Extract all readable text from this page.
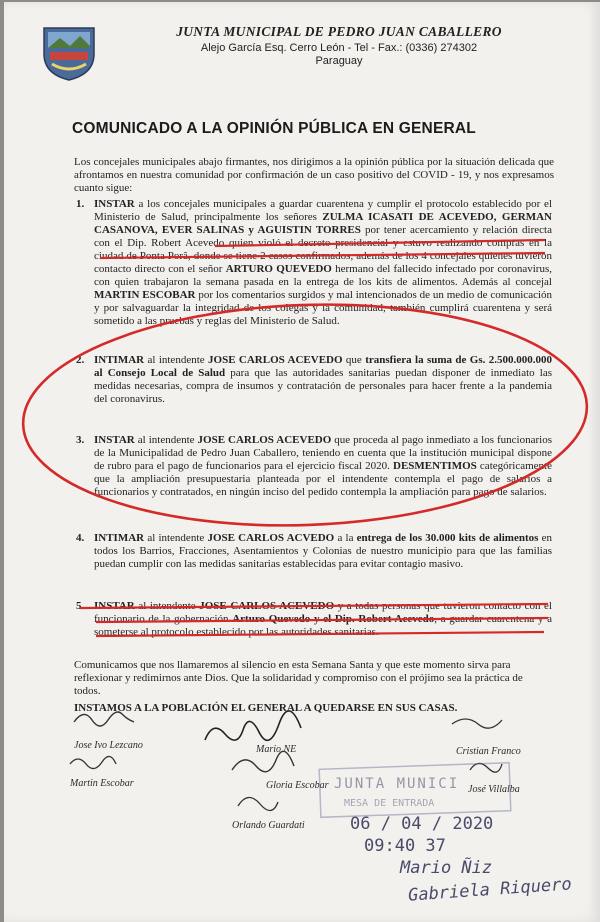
JUNTA MUNICIPAL DE PEDRO JUAN CABALLERO
Alejo García Esq. Cerro León - Tel - Fax.: (0336) 274302
Paraguay
COMUNICADO A LA OPINIÓN PÚBLICA EN GENERAL
Los concejales municipales abajo firmantes, nos dirigimos a la opinión pública por la situación delicada que afrontamos en nuestra comunidad por confirmación de un caso positivo del COVID - 19, y nos expresamos cuanto sigue:
1. INSTAR a los concejales municipales a guardar cuarentena y cumplir el protocolo establecido por el Ministerio de Salud, principalmente los señores ZULMA ICASATI DE ACEVEDO, GERMAN CASANOVA, EVER SALINAS y AGUISTIN TORRES por tener acercamiento y relación directa con el Dip. Robert Acevedo quien violó el decreto presidencial y estuvo realizando compras en la ciudad de Ponta Porã, donde se tiene 2 casos confirmados, además de los 4 concejales quienes tuvieron contacto directo con el señor ARTURO QUEVEDO hermano del fallecido infectado por coronavirus, con quien trabajaron la semana pasada en la entrega de los kits de alimentos. Además al concejal MARTIN ESCOBAR por los comentarios surgidos y mal intencionados de un medio de comunicación y por salvaguardar la integridad de los colegas y la comunidad, también cumplirá cuarentena y será sometido a las pruebas y reglas del Ministerio de Salud.
2. INTIMAR al intendente JOSE CARLOS ACEVEDO que transfiera la suma de Gs. 2.500.000.000 al Consejo Local de Salud para que las autoridades sanitarias puedan disponer de inmediato las medidas necesarias, compra de insumos y contratación de personales para hacer frente a la pandemia del coronavirus.
3. INSTAR al intendente JOSE CARLOS ACEVEDO que proceda al pago inmediato a los funcionarios de la Municipalidad de Pedro Juan Caballero, teniendo en cuenta que la institución municipal dispone de rubro para el pago de funcionarios para el ejercicio fiscal 2020. DESMENTIMOS categóricamente que la ampliación presupuestaria planteada por el intendente contempla el pago de salarios a funcionarios y contratados, en ningún inciso del pedido contempla la ampliación para pago de salarios.
4. INTIMAR al intendente JOSE CARLOS ACVEDO a la entrega de los 30.000 kits de alimentos en todos los Barrios, Fracciones, Asentamientos y Colonias de nuestro municipio para que las familias puedan cumplir con las medidas sanitarias establecidas para evitar contagio masivo.
5. INSTAR al intendente JOSE CARLOS ACEVEDO y a todas personas que tuvieron contacto con el funcionario de la gobernación Arturo Quevedo y el Dip. Robert Acevedo, a guardar cuarentena y a someterse al protocolo establecido por las autoridades sanitarias.
Comunicamos que nos llamaremos al silencio en esta Semana Santa y que este momento sirva para reflexionar y redimirnos ante Dios. Que la solidaridad y compromiso con el prójimo sea la práctica de todos.
INSTAMOS A LA POBLACIÓN EL GENERAL A QUEDARSE EN SUS CASAS.
Jose Ivo Lezcano	Mario NE	Cristian Franco
Martin Escobar	Gloria Escobar	José Villalba
Orlando Guardati
JUNTA MUNICI
MESA DE ENTRADA
06 / 04 / 2020
09:40 37
Mario Ñiz
Gabriela Riquero
